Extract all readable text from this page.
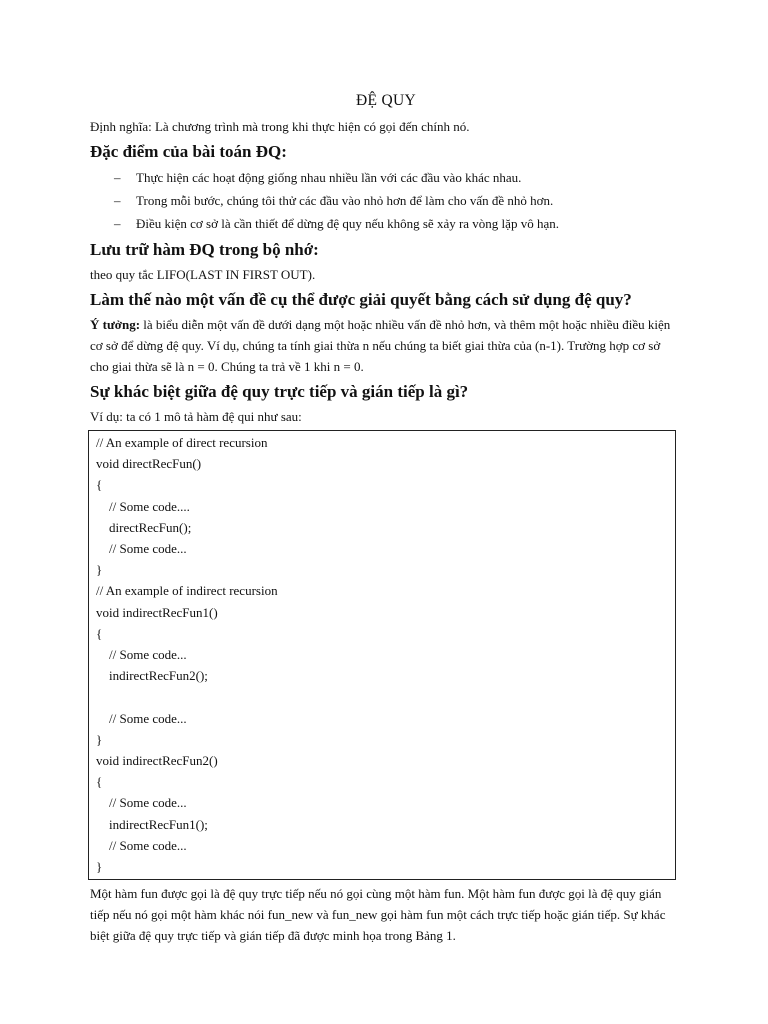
ĐỆ QUY

Định nghĩa: Là chương trình mà trong khi thực hiện có gọi đến chính nó.

Đặc điểm của bài toán ĐQ:
– Thực hiện các hoạt động giống nhau nhiều lần với các đầu vào khác nhau.
– Trong mỗi bước, chúng tôi thử các đầu vào nhỏ hơn để làm cho vấn đề nhỏ hơn.
– Điều kiện cơ sở là cần thiết để dừng đệ quy nếu không sẽ xảy ra vòng lặp vô hạn.
Lưu trữ hàm ĐQ trong bộ nhớ:

theo quy tắc LIFO(LAST IN FIRST OUT).

Làm thế nào một vấn đề cụ thể được giải quyết bằng cách sử dụng đệ quy?

Ý tưởng: là biểu diễn một vấn đề dưới dạng một hoặc nhiều vấn đề nhỏ hơn, và thêm một hoặc nhiều điều kiện cơ sở để dừng đệ quy. Ví dụ, chúng ta tính giai thừa n nếu chúng ta biết giai thừa của (n-1). Trường hợp cơ sở cho giai thừa sẽ là n = 0. Chúng ta trả về 1 khi n = 0.

Sự khác biệt giữa đệ quy trực tiếp và gián tiếp là gì?

Ví dụ: ta có 1 mô tả hàm đệ qui như sau:

// An example of direct recursion
void directRecFun()
{
// Some code....
directRecFun();
// Some code...
}
// An example of indirect recursion
void indirectRecFun1()
{
// Some code...
indirectRecFun2();
// Some code...
}
void indirectRecFun2()
{
// Some code...
indirectRecFun1();
// Some code...
}

Một hàm fun được gọi là đệ quy trực tiếp nếu nó gọi cùng một hàm fun. Một hàm fun được gọi là đệ quy gián tiếp nếu nó gọi một hàm khác nói fun_new và fun_new gọi hàm fun một cách trực tiếp hoặc gián tiếp. Sự khác biệt giữa đệ quy trực tiếp và gián tiếp đã được minh họa trong Bảng 1.
